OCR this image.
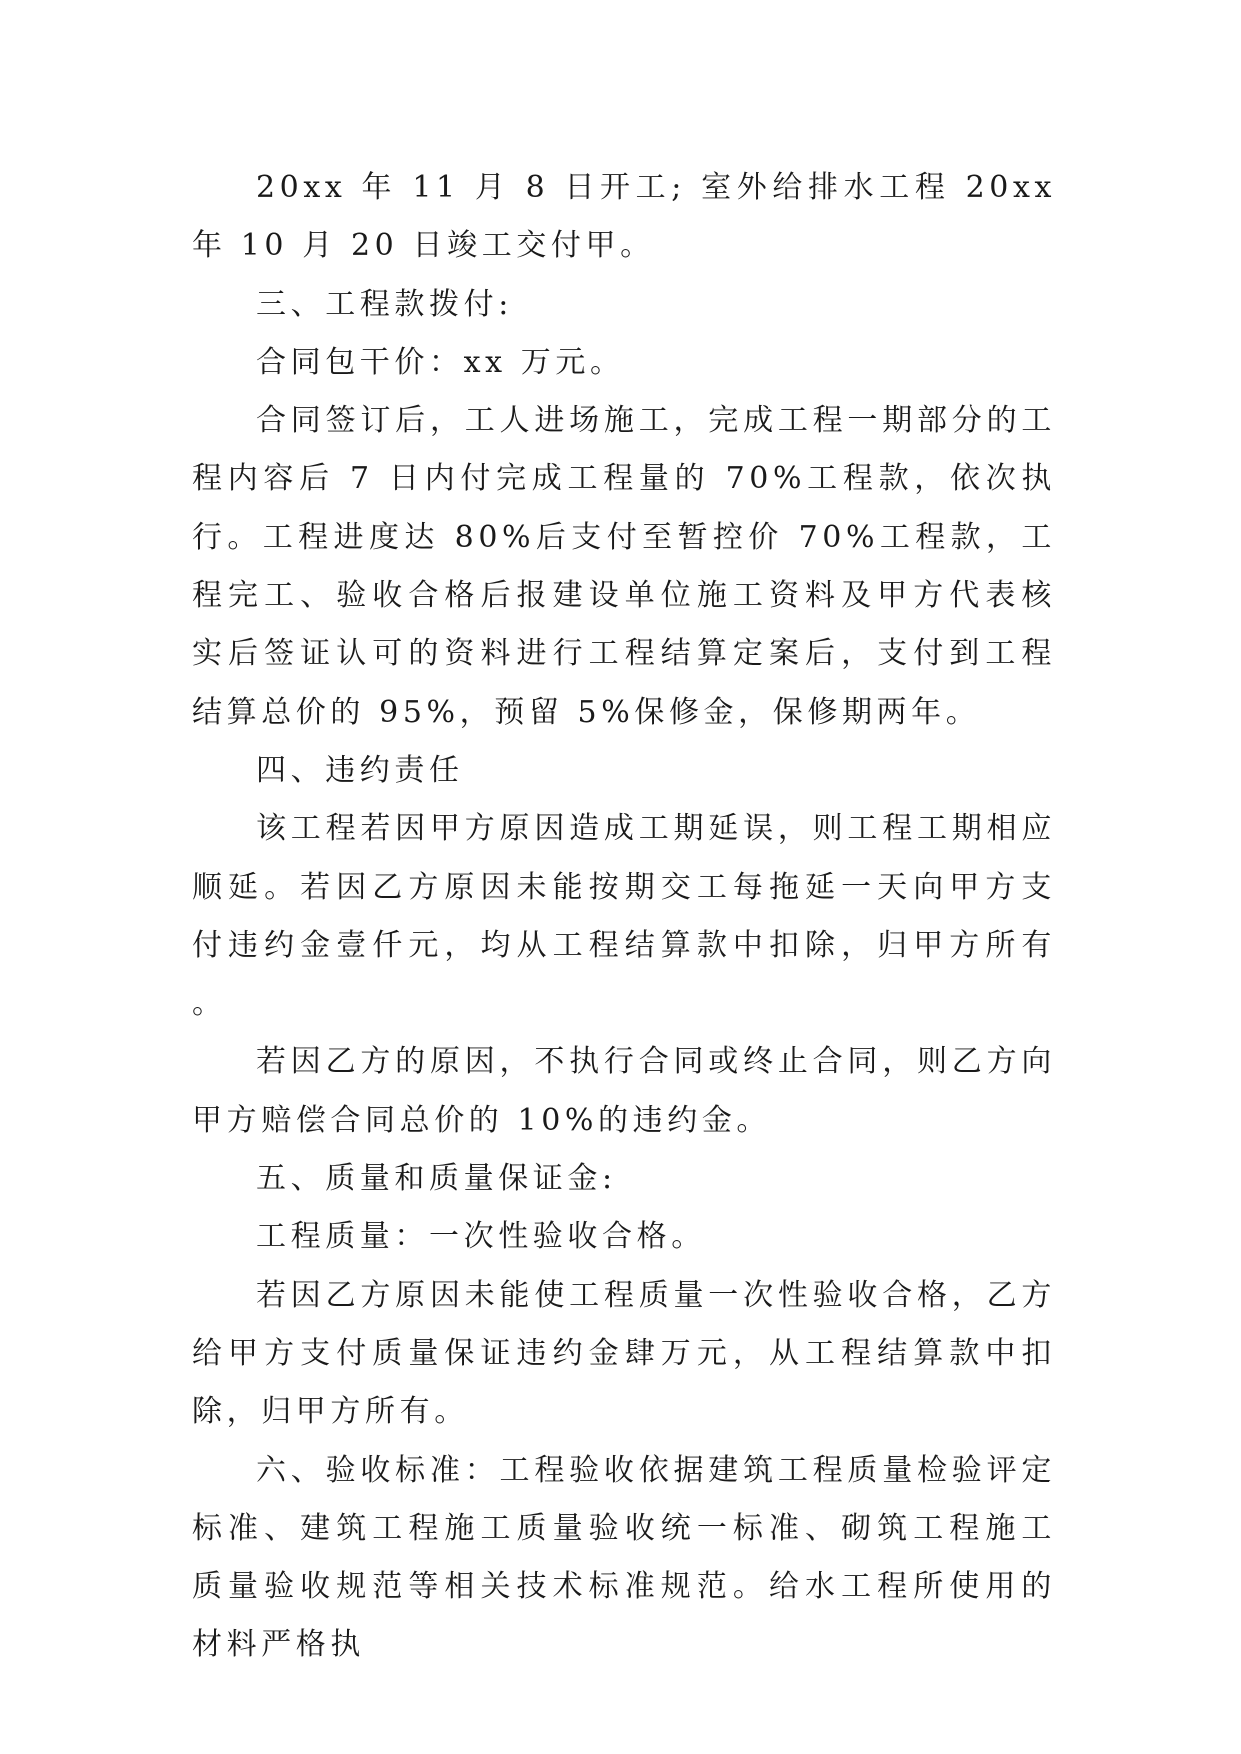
20xx 年 11 月 8 日开工; 室外给排水工程 20xx 年 10 月 20 日竣工交付甲。

三、工程款拨付:

合同包干价：xx 万元。

合同签订后，工人进场施工，完成工程一期部分的工程内容后 7 日内付完成工程量的 70%工程款，依次执行。工程进度达 80%后支付至暂控价 70%工程款，工程完工、验收合格后报建设单位施工资料及甲方代表核实后签证认可的资料进行工程结算定案后，支付到工程结算总价的 95%，预留 5%保修金，保修期两年。

四、违约责任

该工程若因甲方原因造成工期延误，则工程工期相应顺延。若因乙方原因未能按期交工每拖延一天向甲方支付违约金壹仟元，均从工程结算款中扣除，归甲方所有。

若因乙方的原因，不执行合同或终止合同，则乙方向甲方赔偿合同总价的 10%的违约金。

五、质量和质量保证金:

工程质量：一次性验收合格。

若因乙方原因未能使工程质量一次性验收合格，乙方给甲方支付质量保证违约金肆万元，从工程结算款中扣除，归甲方所有。

六、验收标准：工程验收依据建筑工程质量检验评定标准、建筑工程施工质量验收统一标准、砌筑工程施工质量验收规范等相关技术标准规范。给水工程所使用的材料严格执
